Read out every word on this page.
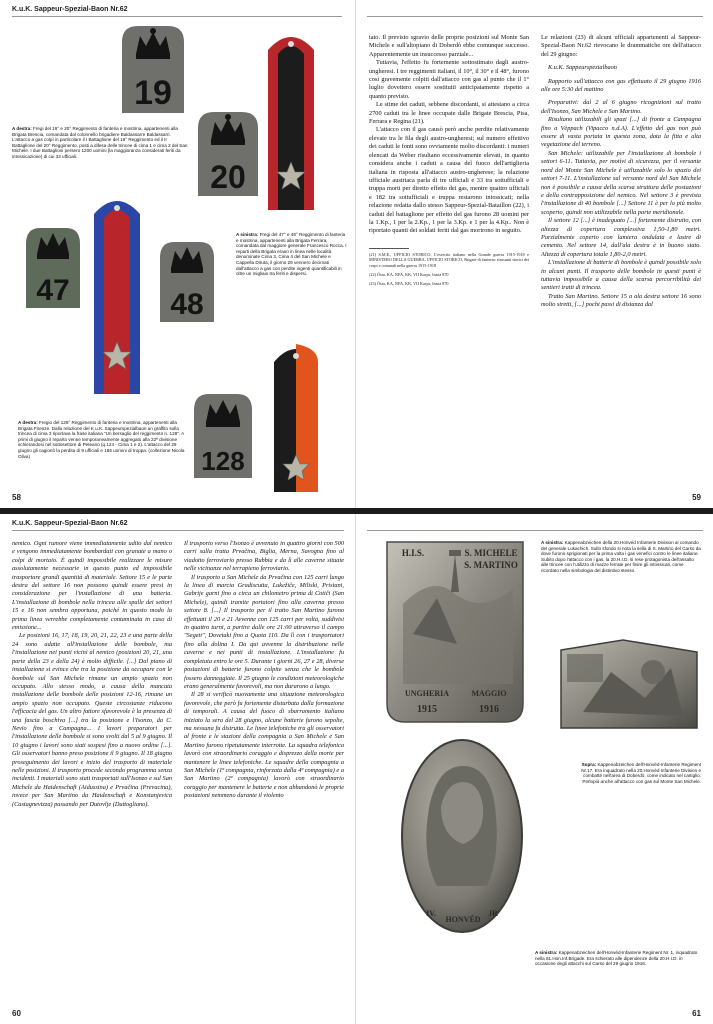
K.u.K. Sappeur-Spezial-Baon Nr.62
19
20
A destra: Fregi del 19° e 20° Reggimento di fanteria e mostrina, appartenenti alla Brigata Brescia, comandata dal colonnello brigadiere Baldassarre Baldassarri. L'attacco a gas colpì in particolare il I Battaglione del 19° Reggimento ed il II Battaglione del 20° Reggimento, posti a difesa delle trincee di cima 1 e cima 2 del San Michele. I due Battaglioni persero 1200 uomini (la maggioranza considerati feriti da intossicazione) di cui 32 ufficiali.
47	48
A sinistra: Fregi del 47° e 48° Reggimento di fanteria e mostrina, appartenenti alla Brigata Ferrara, comandata dal maggiore generale Francesco Rocca. I reparti della Brigata erano in linea nelle località denominate Cima 3, Cima 4 del San Michele e Cappella Diruta; il giorno 29 vennero decimati dall'attacco a gas con perdite ingenti quantificabili in oltre un migliaio tra feriti e dispersi.
128
A destra: Fregio del 128° Reggimento di fanteria e mostrina, appartenenti alla Brigata Firenze. Dalla relazione del K.u.K. Sappeurspezialbaon un graffito sulla trincea di cima 3 riportava la frase italiana "Un bersaglio del reggimento n. 128". A primi di giugno il reparto venne temporaneamente aggregato alla 22ª divisione schierandosi nel sottosettore di Peteano (q.124 - Cima 1 e 2). L'attacco del 29 giugno gli cagionò la perdita di 9 ufficiali e 186 uomini di truppa. (collezione Nicola Oliva)
58

tato. Il previsto sgravio delle proprie posizioni sul Monte San Michele e sull'altopiano di Doberdò ebbe comunque successo. Apparentemente un insuccesso parziale...

Tuttavia, l'effetto fu fortemente sottostimato dagli austro-ungheresi. I tre reggimenti italiani, il 10°, il 30° e il 48°, furono così gravemente colpiti dall'attacco con gas al punto che il 1° luglio dovettero essere sostituiti anticipatamente rispetto a quanto previsto.

Le stime dei caduti, sebbene discordanti, si attestano a circa 2700 caduti tra le linee occupate dalle Brigate Brescia, Pisa, Ferrara e Regina (21).

L'attacco con il gas causò però anche perdite relativamente elevate tra le fila degli austro-ungheresi; sul numero effettivo dei caduti le fonti sono ovviamente molto discordanti: i numeri elencati da Weber risultano eccessivamente elevati, in quanto considera anche i caduti a causa del fuoco dell'artiglieria italiana in risposta all'attacco austro-ungherese; la relazione ufficiale austriaca parla di tre ufficiali e 33 tra sottufficiali e truppa morti per diretto effetto dei gas, mentre quattro ufficiali e 182 tra sottufficiali e truppa restarono intossicati; nella relazione redatta dallo stesso Sappeur-Spezial-Bataillon (22), i caduti del battaglione per effetto del gas furono 28 uomini per la 1.Kp., 1 per la 2.Kp., 1 per la 3.Kp. e 1 per la 4.Kp.. Non è riportato quanti dei soldati feriti dal gas morirono in seguito.

(21) S.M.E., UFFICIO STORICO, L'esercito italiano nella Grande guerra 1915-1918 e MINISTERO DELLA GUERRA, UFFICIO STORICO, Brigate di fanteria: riassunti storici dei corpi e comandi nella guerra 1915-1918
(22) Östa, KA, NFA, KK, VII Korps, busta 870
(23) Östa, KA, NFA, KK, VII Korps, busta 870

Le relazioni (23) di alcuni ufficiali appartenenti al Sappeur-Spezial-Baon Nr.62 rievocano le drammatiche ore dell'attacco del 29 giugno:

K.u.K. Sappeurspezialbaon

Rapporto sull'attacco con gas effettuato il 29 giugno 1916 alle ore 5:30 del mattino

Preparativi: dal 2 al 6 giugno ricognizioni sul tratto dell'Isonzo, San Michele e San Martino.

Risultano utilizzabili gli spazi [...] di fronte a Campagna fino a Vèppach (Vipacco n.d.A). L'effetto del gas non può essere di vasta portata in questa zona, data la fitta e alta vegetazione del terreno.

San Michele: utilizzabile per l'installazione di bombole i settori 6-11. Tuttavia, per motivi di sicurezza, per il versante nord del Monte San Michele è utilizzabile solo lo spazio dei settori 7-11. L'installazione sul versante nord del San Michele non è possibile a causa della scarsa struttura delle postazioni e della contrapposizione del nemico. Nel settore 3 è prevista l'installazione di 40 bombole [...] Settore 11 è per lo più molto scoperto, quindi non utilizzabile nella parte meridionale.

Il settore 12 [...] è inadeguato [...] fortemente distrutto, con altezza di copertura complessiva 1,50-1,80 metri. Parzialmente coperto con lamiera ondulata e lastre di cemento. Nel settore 14, dall'ala destra è in buono stato. Altezza di copertura totale 1,80-2,0 metri.

L'installazione di batterie di bombole è quindi possibile solo in alcuni punti. Il trasporto delle bombole in questi punti è tuttavia impossibile a causa della scarsa percorribilità dei sentieri tratti di trincea.

Tratto San Martino. Settore 15 a ala destra settore 16 sono molto stretti, [...] pochi passi di distanza dal

59
K.u.K. Sappeur-Spezial-Baon Nr.62

nemico. Ogni rumore viene immediatamente udito dal nemico e vengono immediatamente bombardati con granate a mano o colpi di mortaio. È quindi impossibile realizzare le misure assolutamente necessarie in questo punto ed impossibile trasportare grandi quantità di materiale. Settore 15 e le parte destra del settore 16 non possono quindi essere presi in considerazione per l'installazione di una batteria. L'installazione di bombole nella trincea alle spalle dei settori 15 e 16 non sembra opportuna, poiché in questo modo la prima linea verrebbe completamente contaminata in caso di emissione...

Le posizioni 16, 17, 18, 19, 20, 21, 22, 23 e una parte della 24 sono adatte all'installazione delle bombole, ma l'installazione nei punti vicini al nemico (posizioni 20, 21, una parte della 23 e della 24) è molto difficile. [...] Dal piano di installazione si evince che tra la posizione da occupare con le bombole sul San Michele rimane un ampio spazio non occupato. Allo stesso modo, a causa della mancata installazione delle bombole delle posizioni 12-16, rimane un ampio spazio non occupato. Queste circostanze riducono l'efficacia del gas. Un altro fattore sfavorevole è la presenza di una fascia boschiva [...] tra la posizione e l'Isonzo, da C. Nevio fino a Campagna... I lavori preparatori per l'installazione delle bombole si sono svolti dal 5 al 9 giugno. Il 10 giugno i lavori sono stati sospesi fino a nuovo ordine [...]. Gli osservatori hanno preso posizione il 9 giugno. Il 18 giugno proseguimento dei lavori e inizio del trasporto di materiale nelle posizioni. Il trasporto procede secondo programma senza incidenti. I materiali sono stati trasportati sull'Isonzo e sul San Michele da Haidenschaft (Aidussina) e Prvačina (Prevacina), invece per San Martino da Haidenschaft e Konstanjevica (Castagnevizza) passando per Dutovlje (Duttogliano).

Il trasporto verso l'Isonzo è avvenuto in quattro giorni con 500 carri sulla tratta Prvačina, Biglia, Merna, Savogna fino al viadotto ferroviario presso Rubbia e da lì alle caverne situate nelle vicinanze nel terrapieno ferroviario.

Il trasporto a San Michele da Prvačina con 125 carri lungo la linea di marcia Gradiscutta, Lukežiče, Miliski, Pristani, Gabrije garni fino a circa un chilometro prima di Cotiči (San Michele), quindi tramite portatori fino alla caverna presso settore 8. [...] Il trasporto per il tratto San Martino furono effettuati il 20 e 21 Avvenne con 125 carri per volta, suddivisi in quattro turni, a partire dalle ore 21:00 attraverso il campo "Segeti", Dovetaki fino a Quota 110. Da lì con i trasportatori fino alla dolina I. Da qui avvenne la distribuzione nelle caverne e nei punti di installazione. L'installazione fu completata entro le ore 5. Durante i giorni 26, 27 e 28, diverse postazioni di batterie furono colpite senza che le bombole fossero danneggiate. Il 25 giugno le condizioni meteorologiche erano generalmente favorevoli, ma non durarono a lungo.

Il 28 si verificò nuovamente una situazione meteorologica favorevole, che però fu fortemente disturbata dalla formazione di temporali. A causa del fuoco di sbarramento italiano iniziato la sera del 28 giugno, alcune batterie furono sepolte, ma nessuna fu distrutta. Le linee telefoniche tra gli osservatori al fronte e le stazioni della compagnia a San Michele e San Martino furono ripetutamente interrotte. La squadra telefonica lavorò con straordinario coraggio e disprezzo della morte per mantenere le linee telefoniche. Le squadre della compagnia a San Michele (1ª compagnia, rinforzata dalla 4ª compagnia) e a San Martino (2ª compagnia) lavorò con straordinario coraggio per mantenere le batterie e non abbandonò le proprie postazioni nemmeno durante il violento

60
H.I.S.	S. MICHELE
S. MARTINO
UNGHERIA	MAGGIO
1915	1916
A sinistra: Kappenabzeichen della 20.Honvéd Infanterie Division al comando del generale Lukachich. Sullo sfondo si nota la sella di S. Martino del Carso da dove furono sprigionati per la prima volta i gas venefici contro le linee italiane. Subito dopo l'attacco con i gas, la 20.H.I.D. si rese protagonista dell'assalto alle trincee con l'utilizzo di mazze ferrate per finire gli intossicati, come ricordato nella simbologia del distintivo stesso.
IV.
HONVÉD
JR
Sopra: Kappenabzeichen dell'Honvéd-Infanterie Regiment Nr.17. Era inquadrato nella 20.Honvéd Infanterie Division e combatté nell'area di Doberdò, come indicato nel cartiglio. Perlopiù anche all'attacco con gas sul Monte San Michele.
A sinistra: Kappenabzeichen dell'Honvéd-Infanterie Regiment Nr. 1, inquadrato nella 81.Hon.Inf.Brigade. Era schierato alle dipendenze della 20.H.I.D. in occasione degli attacchi sul Carso del 29 giugno 1916.
61
